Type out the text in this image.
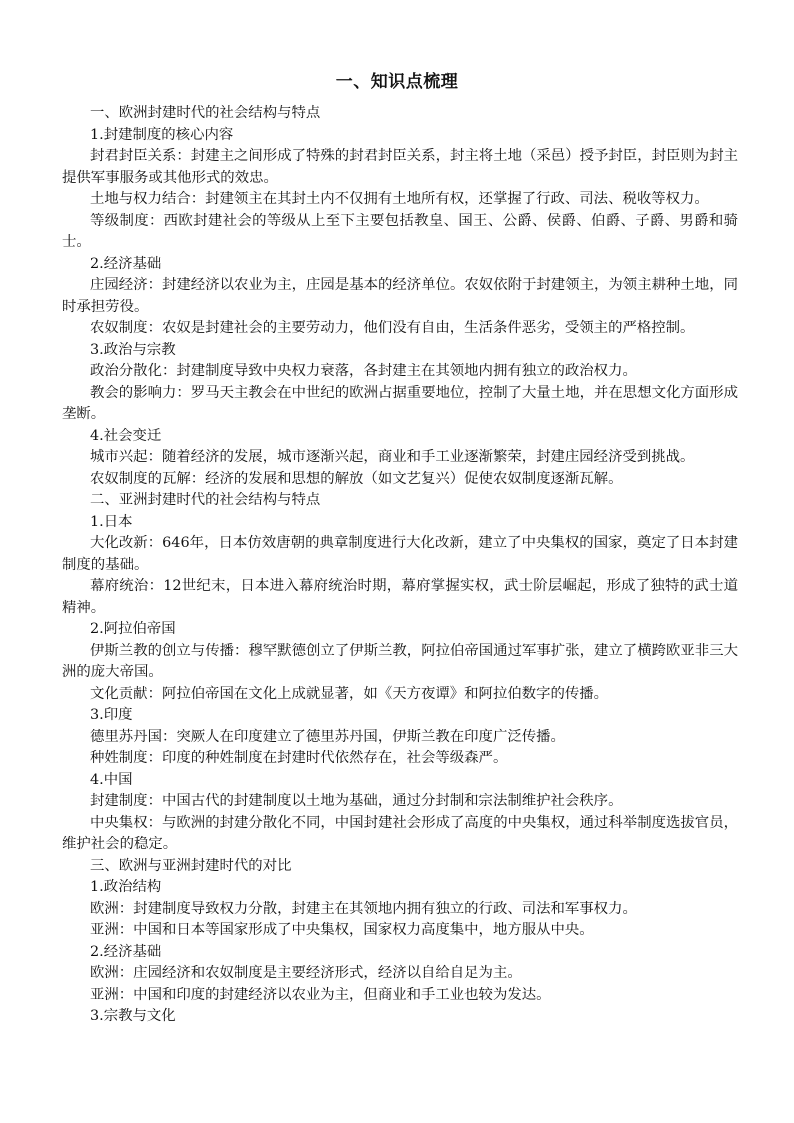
一、知识点梳理

一、欧洲封建时代的社会结构与特点

1.封建制度的核心内容

封君封臣关系：封建主之间形成了特殊的封君封臣关系，封主将土地（采邑）授予封臣，封臣则为封主提供军事服务或其他形式的效忠。

土地与权力结合：封建领主在其封土内不仅拥有土地所有权，还掌握了行政、司法、税收等权力。

等级制度：西欧封建社会的等级从上至下主要包括教皇、国王、公爵、侯爵、伯爵、子爵、男爵和骑士。

2.经济基础

庄园经济：封建经济以农业为主，庄园是基本的经济单位。农奴依附于封建领主，为领主耕种土地，同时承担劳役。

农奴制度：农奴是封建社会的主要劳动力，他们没有自由，生活条件恶劣，受领主的严格控制。

3.政治与宗教

政治分散化：封建制度导致中央权力衰落，各封建主在其领地内拥有独立的政治权力。

教会的影响力：罗马天主教会在中世纪的欧洲占据重要地位，控制了大量土地，并在思想文化方面形成垄断。

4.社会变迁

城市兴起：随着经济的发展，城市逐渐兴起，商业和手工业逐渐繁荣，封建庄园经济受到挑战。

农奴制度的瓦解：经济的发展和思想的解放（如文艺复兴）促使农奴制度逐渐瓦解。

二、亚洲封建时代的社会结构与特点

1.日本

大化改新：646年，日本仿效唐朝的典章制度进行大化改新，建立了中央集权的国家，奠定了日本封建制度的基础。

幕府统治：12世纪末，日本进入幕府统治时期，幕府掌握实权，武士阶层崛起，形成了独特的武士道精神。

2.阿拉伯帝国

伊斯兰教的创立与传播：穆罕默德创立了伊斯兰教，阿拉伯帝国通过军事扩张，建立了横跨欧亚非三大洲的庞大帝国。

文化贡献：阿拉伯帝国在文化上成就显著，如《天方夜谭》和阿拉伯数字的传播。

3.印度

德里苏丹国：突厥人在印度建立了德里苏丹国，伊斯兰教在印度广泛传播。

种姓制度：印度的种姓制度在封建时代依然存在，社会等级森严。

4.中国

封建制度：中国古代的封建制度以土地为基础，通过分封制和宗法制维护社会秩序。

中央集权：与欧洲的封建分散化不同，中国封建社会形成了高度的中央集权，通过科举制度选拔官员，维护社会的稳定。

三、欧洲与亚洲封建时代的对比

1.政治结构

欧洲：封建制度导致权力分散，封建主在其领地内拥有独立的行政、司法和军事权力。

亚洲：中国和日本等国家形成了中央集权，国家权力高度集中，地方服从中央。

2.经济基础

欧洲：庄园经济和农奴制度是主要经济形式，经济以自给自足为主。

亚洲：中国和印度的封建经济以农业为主，但商业和手工业也较为发达。

3.宗教与文化
